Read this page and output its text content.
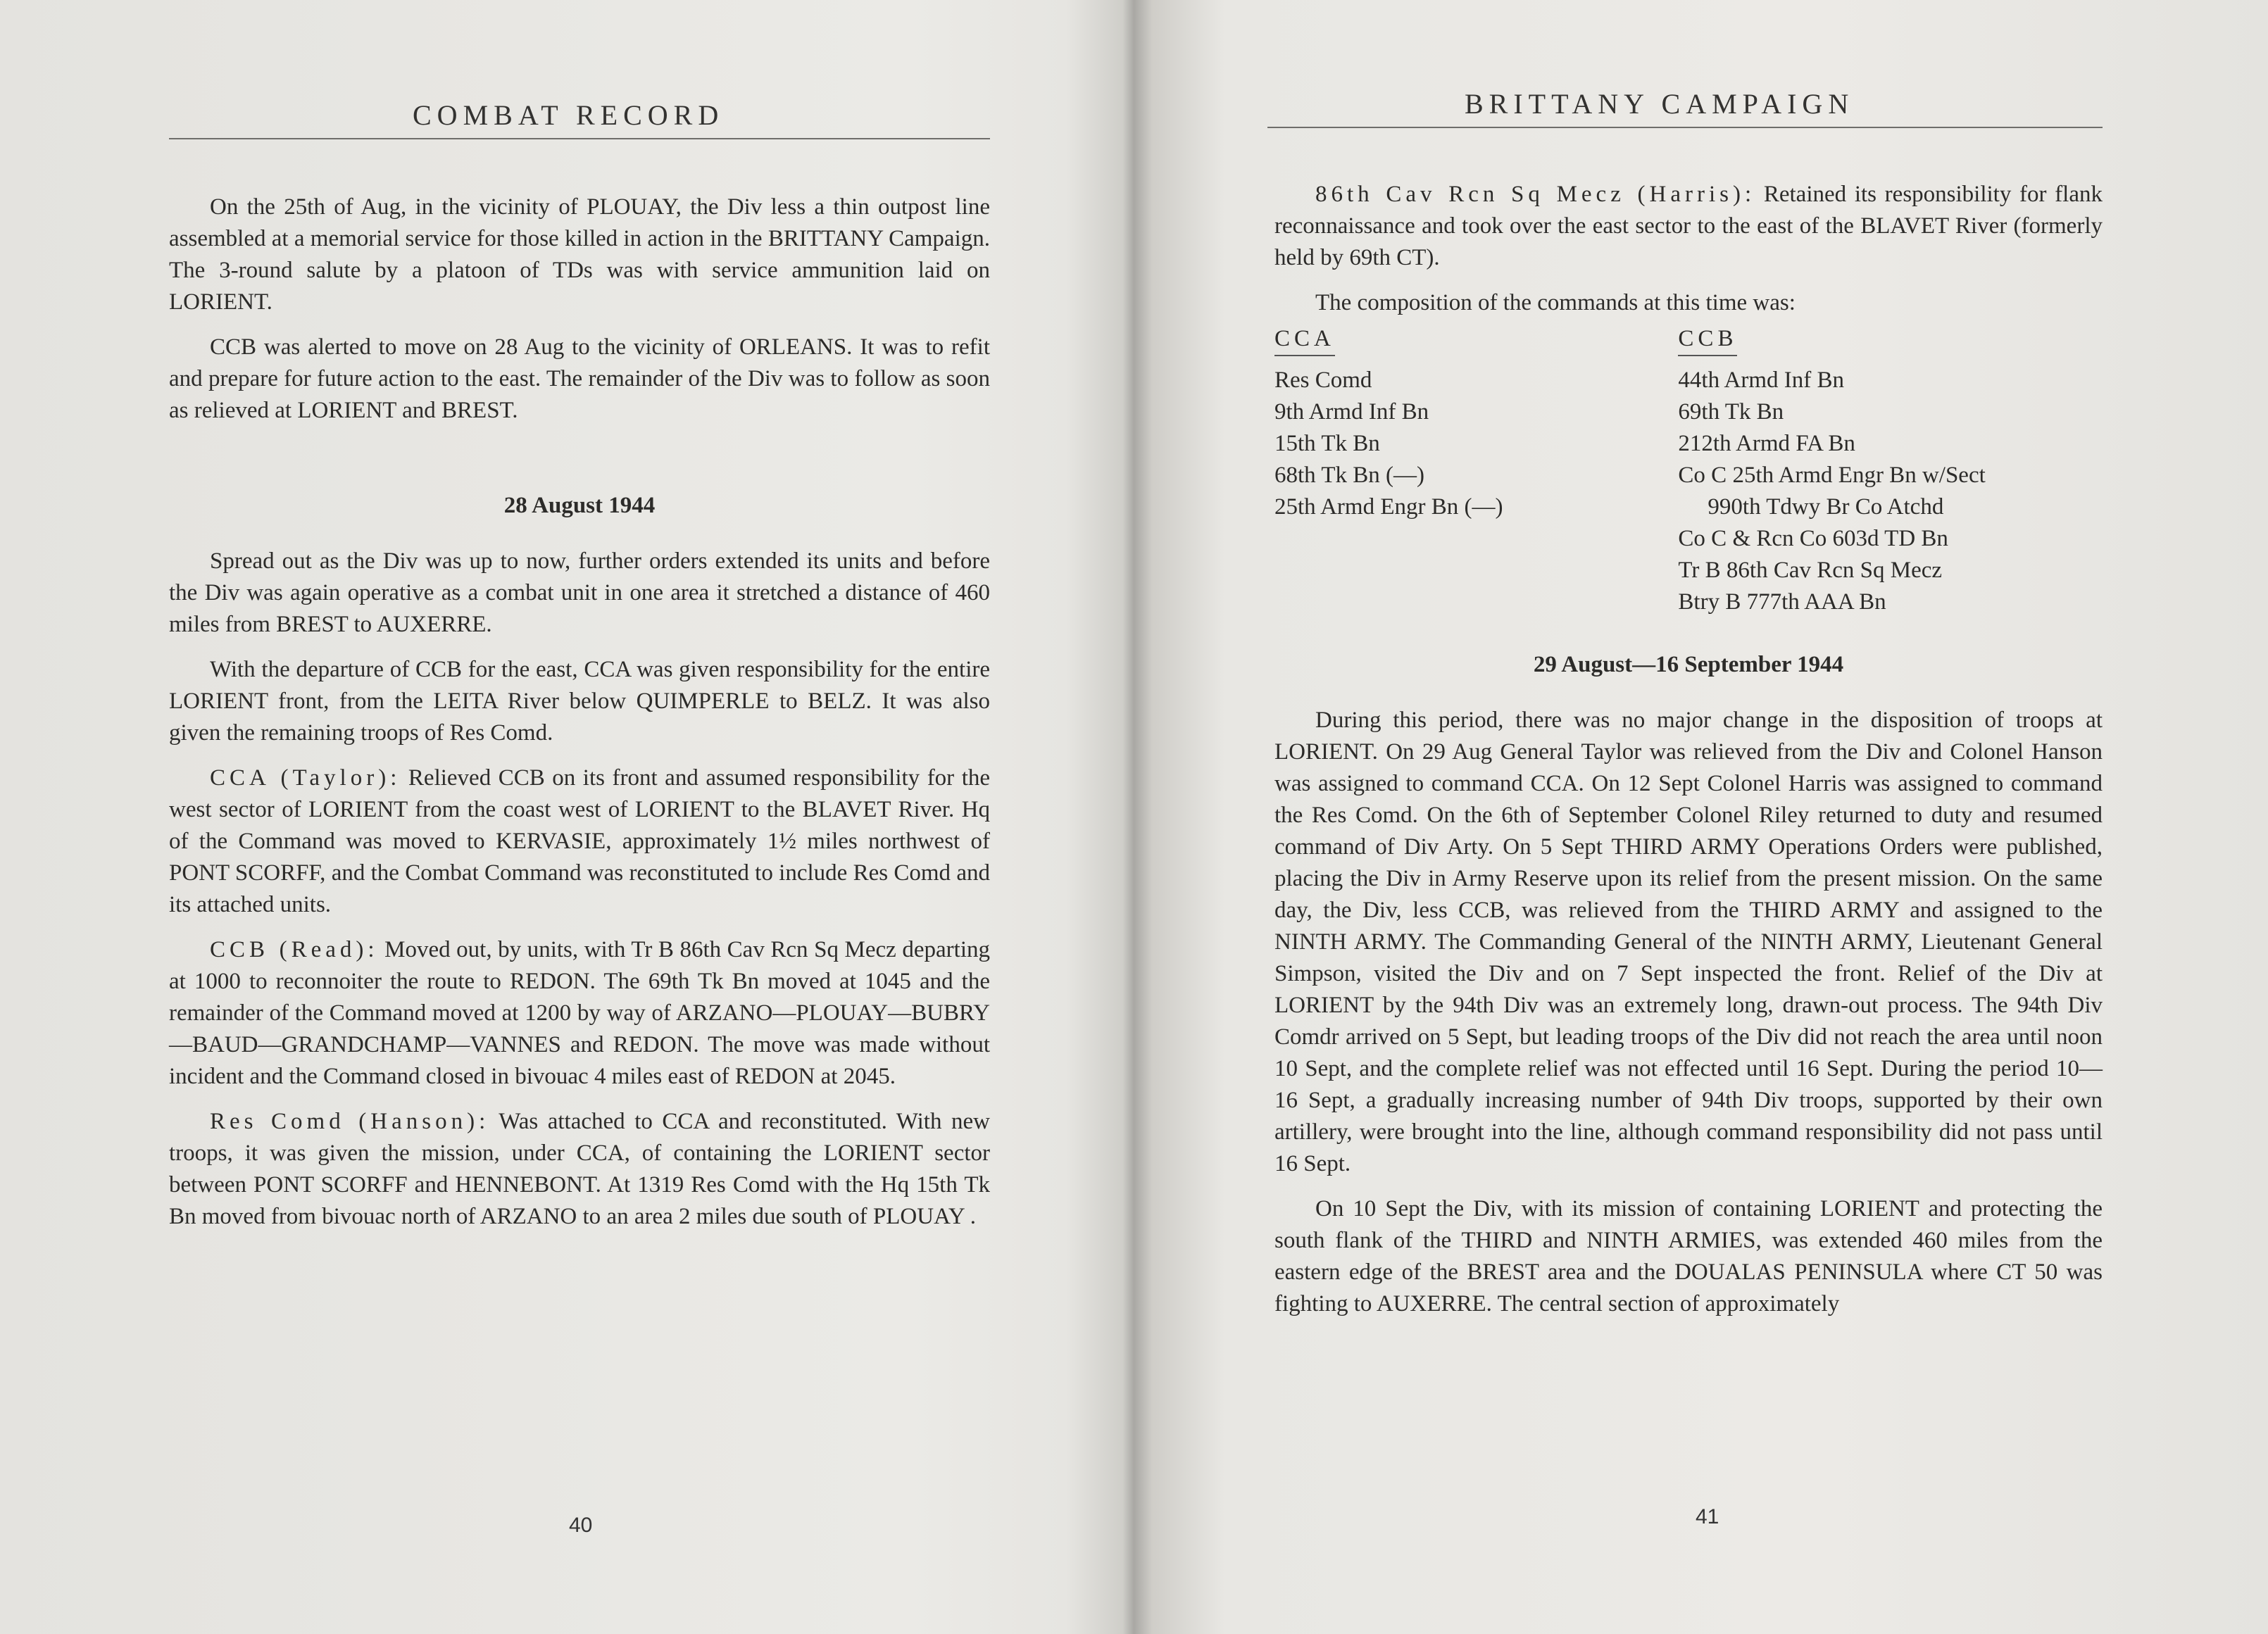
COMBAT RECORD

On the 25th of Aug, in the vicinity of PLOUAY, the Div less a thin outpost line assembled at a memorial service for those killed in action in the BRITTANY Campaign. The 3-round salute by a platoon of TDs was with service ammunition laid on LORIENT.

CCB was alerted to move on 28 Aug to the vicinity of ORLEANS. It was to refit and prepare for future action to the east. The remainder of the Div was to follow as soon as relieved at LORIENT and BREST.

28 August 1944

Spread out as the Div was up to now, further orders extended its units and before the Div was again operative as a combat unit in one area it stretched a distance of 460 miles from BREST to AUXERRE.

With the departure of CCB for the east, CCA was given responsibility for the entire LORIENT front, from the LEITA River below QUIMPERLE to BELZ. It was also given the remaining troops of Res Comd.

CCA (Taylor): Relieved CCB on its front and assumed responsibility for the west sector of LORIENT from the coast west of LORIENT to the BLAVET River. Hq of the Command was moved to KERVASIE, approximately 1½ miles northwest of PONT SCORFF, and the Combat Command was reconstituted to include Res Comd and its attached units.

CCB (Read): Moved out, by units, with Tr B 86th Cav Rcn Sq Mecz departing at 1000 to reconnoiter the route to REDON. The 69th Tk Bn moved at 1045 and the remainder of the Command moved at 1200 by way of ARZANO—PLOUAY—BUBRY—BAUD—GRANDCHAMP—VANNES and REDON. The move was made without incident and the Command closed in bivouac 4 miles east of REDON at 2045.

Res Comd (Hanson): Was attached to CCA and reconstituted. With new troops, it was given the mission, under CCA, of containing the LORIENT sector between PONT SCORFF and HENNEBONT. At 1319 Res Comd with the Hq 15th Tk Bn moved from bivouac north of ARZANO to an area 2 miles due south of PLOUAY .

40
BRITTANY CAMPAIGN

86th Cav Rcn Sq Mecz (Harris): Retained its responsibility for flank reconnaissance and took over the east sector to the east of the BLAVET River (formerly held by 69th CT).

The composition of the commands at this time was:

CCA
Res Comd
9th Armd Inf Bn
15th Tk Bn
68th Tk Bn (—)
25th Armd Engr Bn (—)
CCB
44th Armd Inf Bn
69th Tk Bn
212th Armd FA Bn
Co C 25th Armd Engr Bn w/Sect
990th Tdwy Br Co Atchd
Co C & Rcn Co 603d TD Bn
Tr B 86th Cav Rcn Sq Mecz
Btry B 777th AAA Bn
29 August—16 September 1944

During this period, there was no major change in the disposition of troops at LORIENT. On 29 Aug General Taylor was relieved from the Div and Colonel Hanson was assigned to command CCA. On 12 Sept Colonel Harris was assigned to command the Res Comd. On the 6th of September Colonel Riley returned to duty and resumed command of Div Arty. On 5 Sept THIRD ARMY Operations Orders were published, placing the Div in Army Reserve upon its relief from the present mission. On the same day, the Div, less CCB, was relieved from the THIRD ARMY and assigned to the NINTH ARMY. The Commanding General of the NINTH ARMY, Lieutenant General Simpson, visited the Div and on 7 Sept inspected the front. Relief of the Div at LORIENT by the 94th Div was an extremely long, drawn-out process. The 94th Div Comdr arrived on 5 Sept, but leading troops of the Div did not reach the area until noon 10 Sept, and the complete relief was not effected until 16 Sept. During the period 10—16 Sept, a gradually increasing number of 94th Div troops, supported by their own artillery, were brought into the line, although command responsibility did not pass until 16 Sept.

On 10 Sept the Div, with its mission of containing LORIENT and protecting the south flank of the THIRD and NINTH ARMIES, was extended 460 miles from the eastern edge of the BREST area and the DOUALAS PENINSULA where CT 50 was fighting to AUXERRE. The central section of approximately

41
